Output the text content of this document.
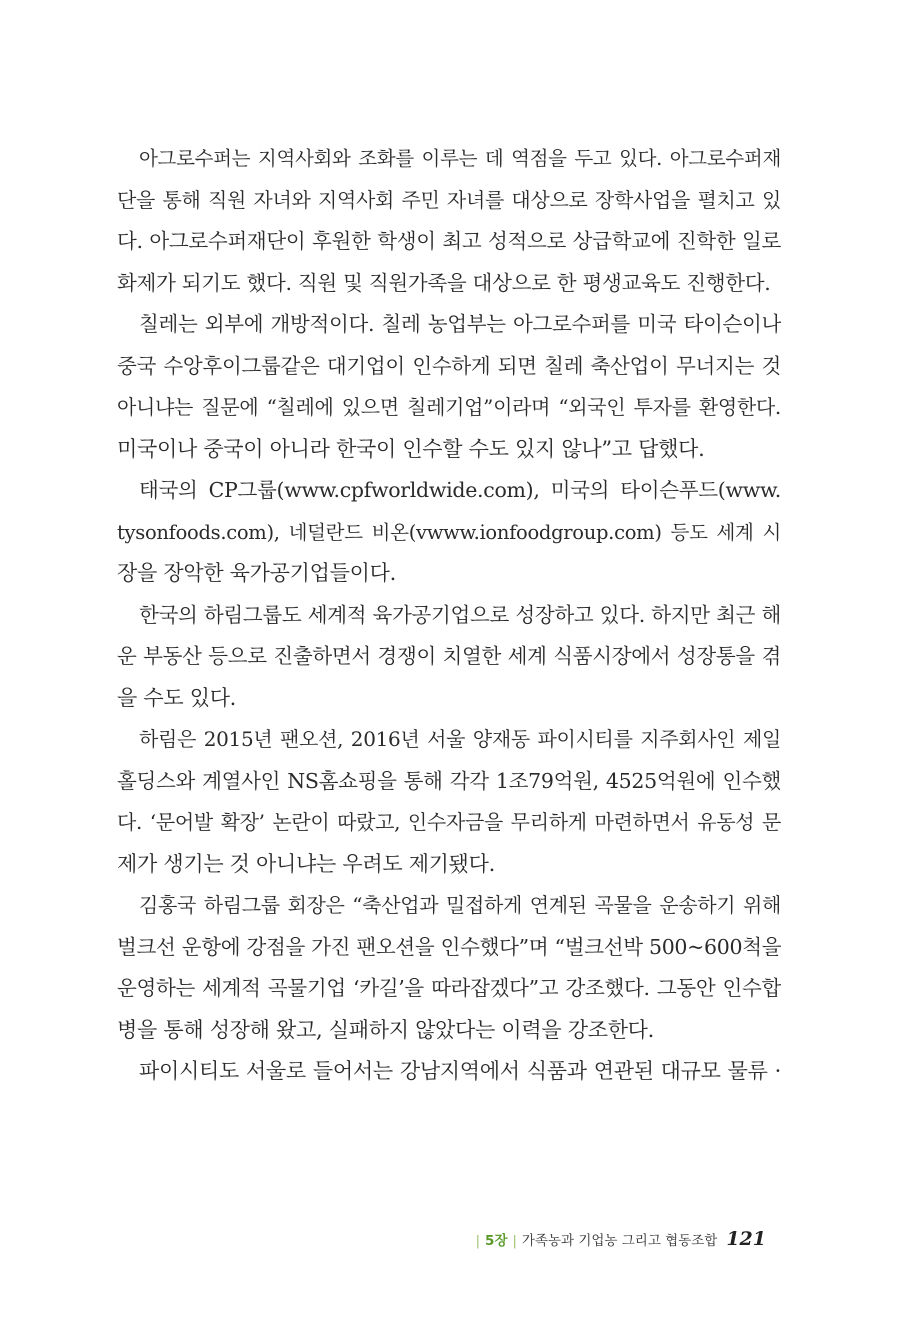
아그로수퍼는 지역사회와 조화를 이루는 데 역점을 두고 있다. 아그로수퍼재
단을 통해 직원 자녀와 지역사회 주민 자녀를 대상으로 장학사업을 펼치고 있
다. 아그로수퍼재단이 후원한 학생이 최고 성적으로 상급학교에 진학한 일로
화제가 되기도 했다. 직원 및 직원가족을 대상으로 한 평생교육도 진행한다.
칠레는 외부에 개방적이다. 칠레 농업부는 아그로수퍼를 미국 타이슨이나
중국 수앙후이그룹같은 대기업이 인수하게 되면 칠레 축산업이 무너지는 것
아니냐는 질문에 “칠레에 있으면 칠레기업”이라며 “외국인 투자를 환영한다.
미국이나 중국이 아니라 한국이 인수할 수도 있지 않나”고 답했다.
태국의 CP그룹(www.cpfworldwide.com), 미국의 타이슨푸드(www.
tysonfoods.com), 네덜란드 비온(vwww.ionfoodgroup.com) 등도 세계 시
장을 장악한 육가공기업들이다.
한국의 하림그룹도 세계적 육가공기업으로 성장하고 있다. 하지만 최근 해
운 부동산 등으로 진출하면서 경쟁이 치열한 세계 식품시장에서 성장통을 겪
을 수도 있다.
하림은 2015년 팬오션, 2016년 서울 양재동 파이시티를 지주회사인 제일
홀딩스와 계열사인 NS홈쇼핑을 통해 각각 1조79억원, 4525억원에 인수했
다. ‘문어발 확장’ 논란이 따랐고, 인수자금을 무리하게 마련하면서 유동성 문
제가 생기는 것 아니냐는 우려도 제기됐다.
김홍국 하림그룹 회장은 “축산업과 밀접하게 연계된 곡물을 운송하기 위해
벌크선 운항에 강점을 가진 팬오션을 인수했다”며 “벌크선박 500~600척을
운영하는 세계적 곡물기업 ‘카길’을 따라잡겠다”고 강조했다. 그동안 인수합
병을 통해 성장해 왔고, 실패하지 않았다는 이력을 강조한다.
파이시티도 서울로 들어서는 강남지역에서 식품과 연관된 대규모 물류 ·
| 5장 | 가족농과 기업농 그리고 협동조합 121
